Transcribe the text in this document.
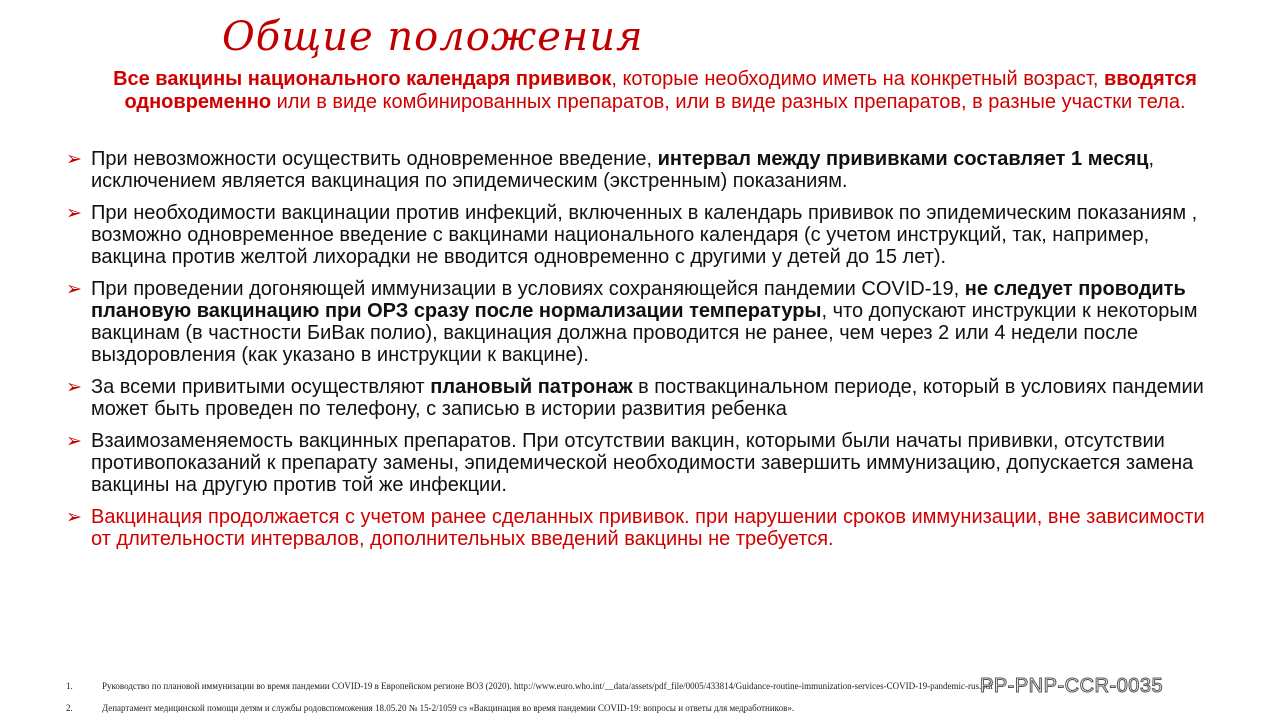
Общие положения
Все вакцины национального календаря прививок, которые необходимо иметь на конкретный возраст, вводятся одновременно или в виде комбинированных препаратов, или в виде разных препаратов, в разные участки тела.
➢ При невозможности осуществить одновременное введение, интервал между прививками составляет 1 месяц, исключением является вакцинация по эпидемическим (экстренным) показаниям.
➢ При необходимости вакцинации против инфекций, включенных в календарь прививок по эпидемическим показаниям , возможно одновременное введение с вакцинами национального календаря (с учетом инструкций, так, например, вакцина против желтой лихорадки не вводится одновременно с другими у детей до 15 лет).
➢ При проведении догоняющей иммунизации в условиях сохраняющейся пандемии COVID-19, не следует проводить плановую вакцинацию при ОРЗ сразу после нормализации температуры, что допускают инструкции к некоторым вакцинам (в частности БиВак полио), вакцинация должна проводится не ранее, чем через 2 или 4 недели после выздоровления (как указано в инструкции к вакцине).
➢ За всеми привитыми осуществляют плановый патронаж в поствакцинальном периоде, который в условиях пандемии может быть проведен по телефону, с записью в истории развития ребенка
➢ Взаимозаменяемость вакцинных препаратов. При отсутствии вакцин, которыми были начаты прививки, отсутствии противопоказаний к препарату замены, эпидемической необходимости завершить иммунизацию, допускается замена вакцины на другую против той же инфекции.
➢ Вакцинация продолжается с учетом ранее сделанных прививок. при нарушении сроков иммунизации, вне зависимости от длительности интервалов, дополнительных введений вакцины не требуется.
1.	Руководство по плановой иммунизации во время пандемии COVID-19 в Европейском регионе ВОЗ (2020). http://www.euro.who.int/__data/assets/pdf_file/0005/433814/Guidance-routine-immunization-services-COVID-19-pandemic-rus.pdf
2.	Департамент медицинской помощи детям и службы родовспоможения 18.05.20 № 15-2/1059 сэ «Вакцинация во время пандемии COVID-19: вопросы и ответы для медработников».
PP-PNP-CCR-0035
